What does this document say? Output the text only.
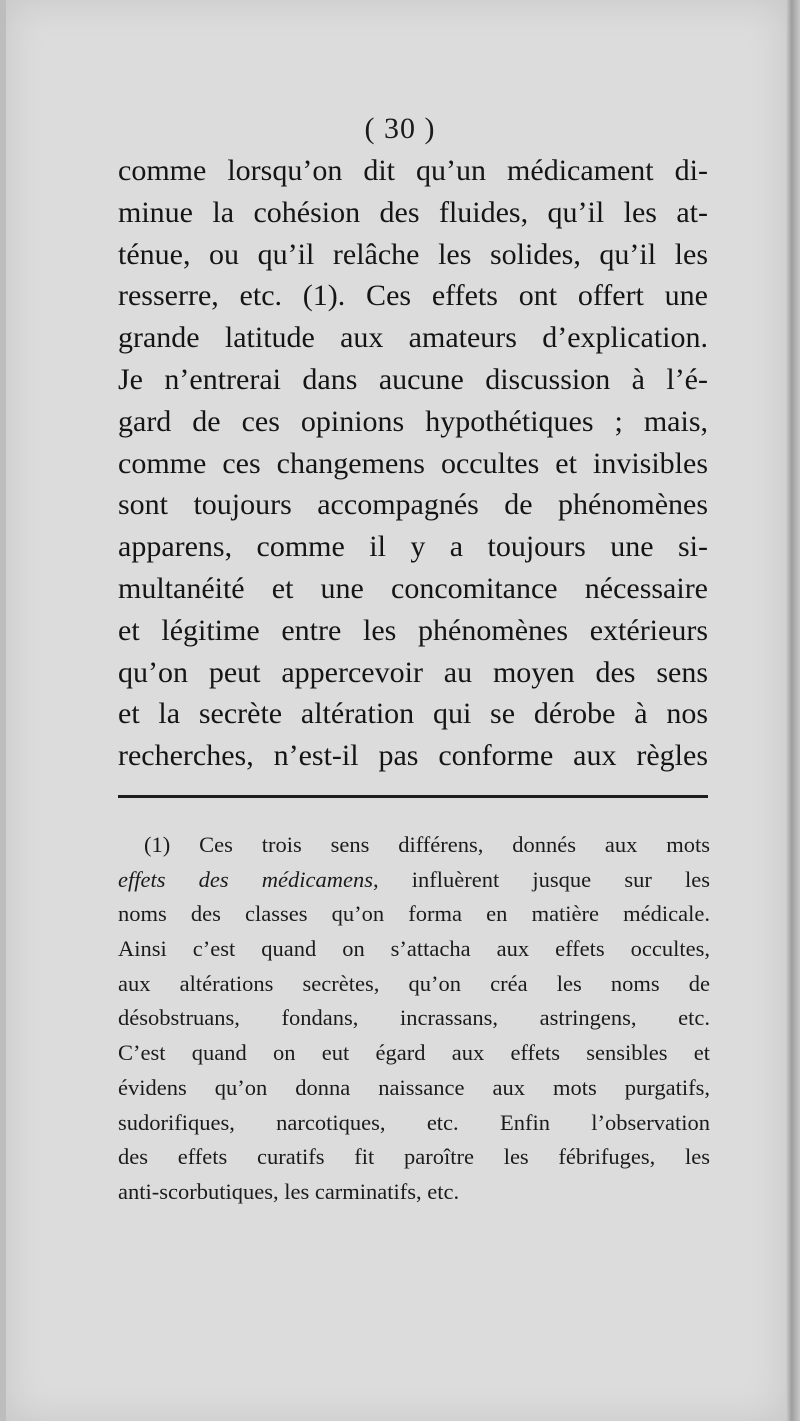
( 30 )
comme lorsqu’on dit qu’un médicament di-
minue la cohésion des fluides, qu’il les at-
ténue, ou qu’il relâche les solides, qu’il les
resserre, etc. (1). Ces effets ont offert une
grande latitude aux amateurs d’explication.
Je n’entrerai dans aucune discussion à l’é-
gard de ces opinions hypothétiques ; mais,
comme ces changemens occultes et invisibles
sont toujours accompagnés de phénomènes
apparens, comme il y a toujours une si-
multanéité et une concomitance nécessaire
et légitime entre les phénomènes extérieurs
qu’on peut appercevoir au moyen des sens
et la secrète altération qui se dérobe à nos
recherches, n’est-il pas conforme aux règles
(1) Ces trois sens différens, donnés aux mots
effets des médicamens, influèrent jusque sur les
noms des classes qu’on forma en matière médicale.
Ainsi c’est quand on s’attacha aux effets occultes,
aux altérations secrètes, qu’on créa les noms de
désobstruans, fondans, incrassans, astringens, etc.
C’est quand on eut égard aux effets sensibles et
évidens qu’on donna naissance aux mots purgatifs,
sudorifiques, narcotiques, etc. Enfin l’observation
des effets curatifs fit paroître les fébrifuges, les
anti-scorbutiques, les carminatifs, etc.
